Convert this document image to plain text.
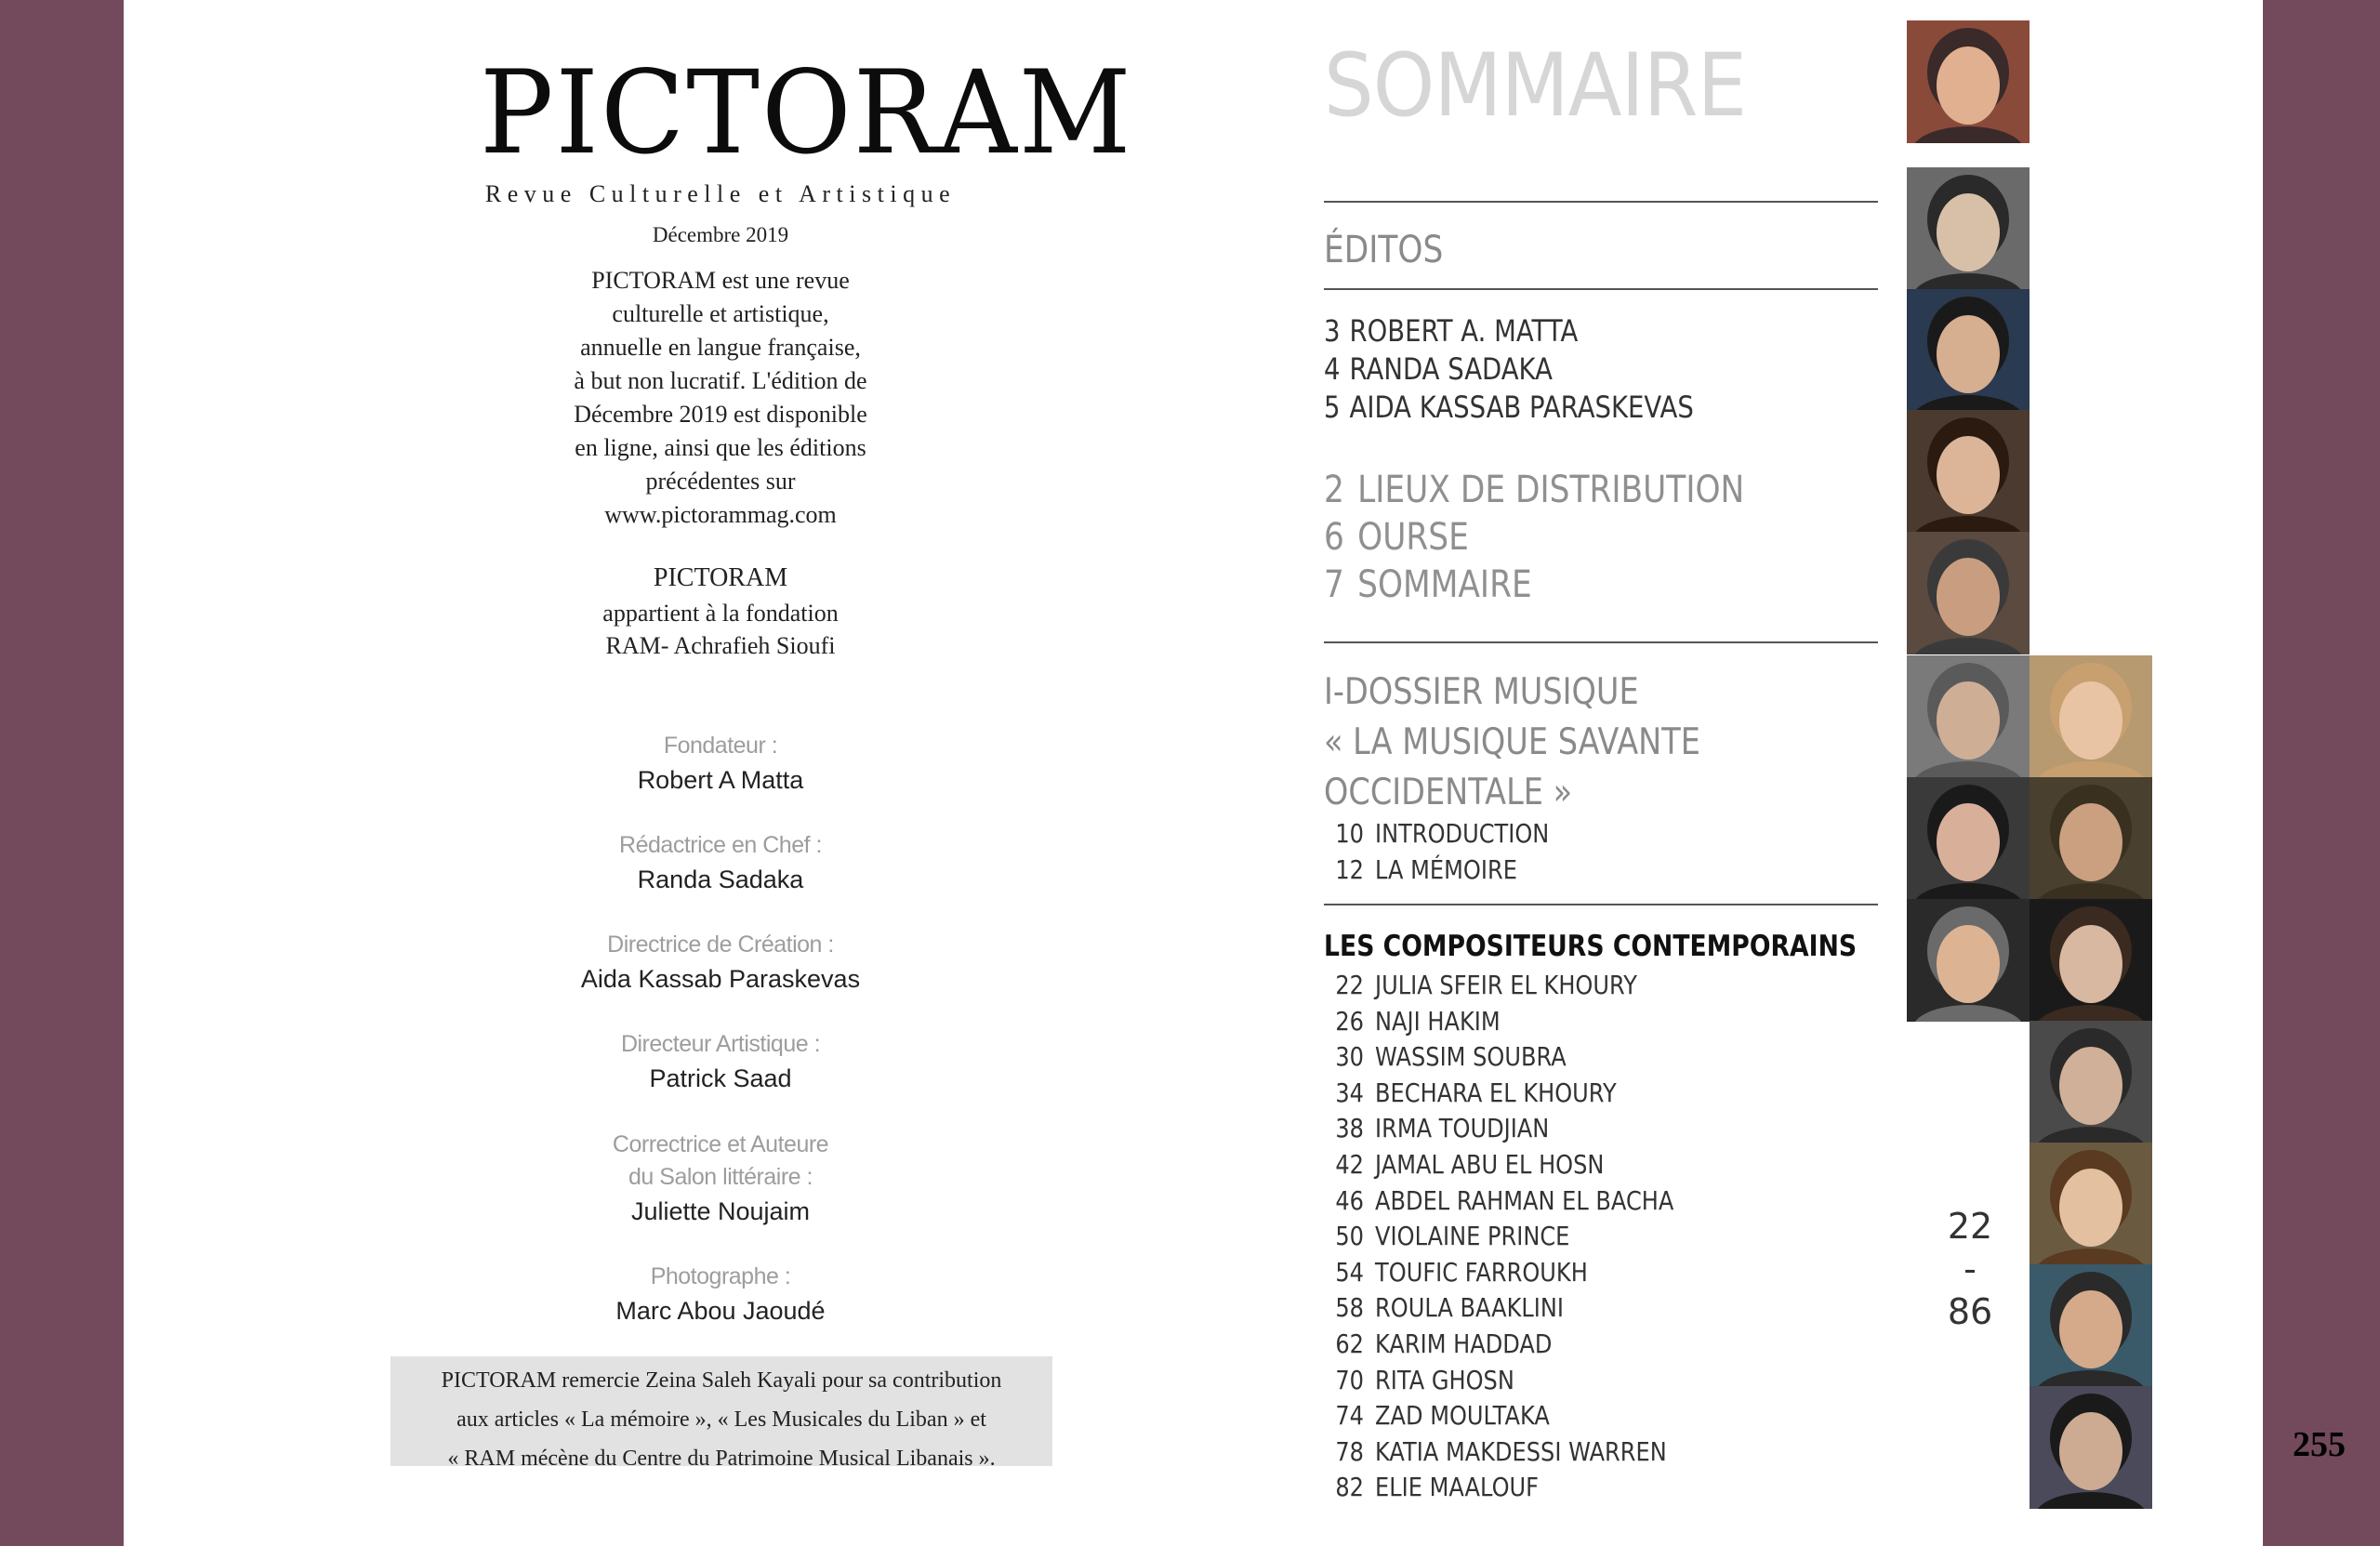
255
PICTORAM
Revue Culturelle et Artistique
Décembre 2019
PICTORAM est une revue
culturelle et artistique,
annuelle en langue française,
à but non lucratif. L'édition de
Décembre 2019 est disponible
en ligne, ainsi que les éditions
précédentes sur
www.pictorammag.com
PICTORAM
appartient à la fondation
RAM- Achrafieh Sioufi
Fondateur :
Robert A Matta
Rédactrice en Chef :
Randa Sadaka
Directrice de Création :
Aida Kassab Paraskevas
Directeur Artistique :
Patrick Saad
Correctrice et Auteure
du Salon littéraire :
Juliette Noujaim
Photographe :
Marc Abou Jaoudé
PICTORAM remercie Zeina Saleh Kayali pour sa contribution
aux articles « La mémoire », « Les Musicales du Liban » et
« RAM mécène du Centre du Patrimoine Musical Libanais ».
SOMMAIRE
ÉDITOS
3 ROBERT A. MATTA
4 RANDA SADAKA
5 AIDA KASSAB PARASKEVAS
2 LIEUX DE DISTRIBUTION
6 OURSE
7 SOMMAIRE
I-DOSSIER MUSIQUE
« LA MUSIQUE SAVANTE
OCCIDENTALE »
10 INTRODUCTION
12 LA MÉMOIRE
LES COMPOSITEURS CONTEMPORAINS
22 JULIA SFEIR EL KHOURY
26 NAJI HAKIM
30 WASSIM SOUBRA
34 BECHARA EL KHOURY
38 IRMA TOUDJIAN
42 JAMAL ABU EL HOSN
46 ABDEL RAHMAN EL BACHA
50 VIOLAINE PRINCE
54 TOUFIC FARROUKH
58 ROULA BAAKLINI
62 KARIM HADDAD
70 RITA GHOSN
74 ZAD MOULTAKA
78 KATIA MAKDESSI WARREN
82 ELIE MAALOUF
22
-
86
